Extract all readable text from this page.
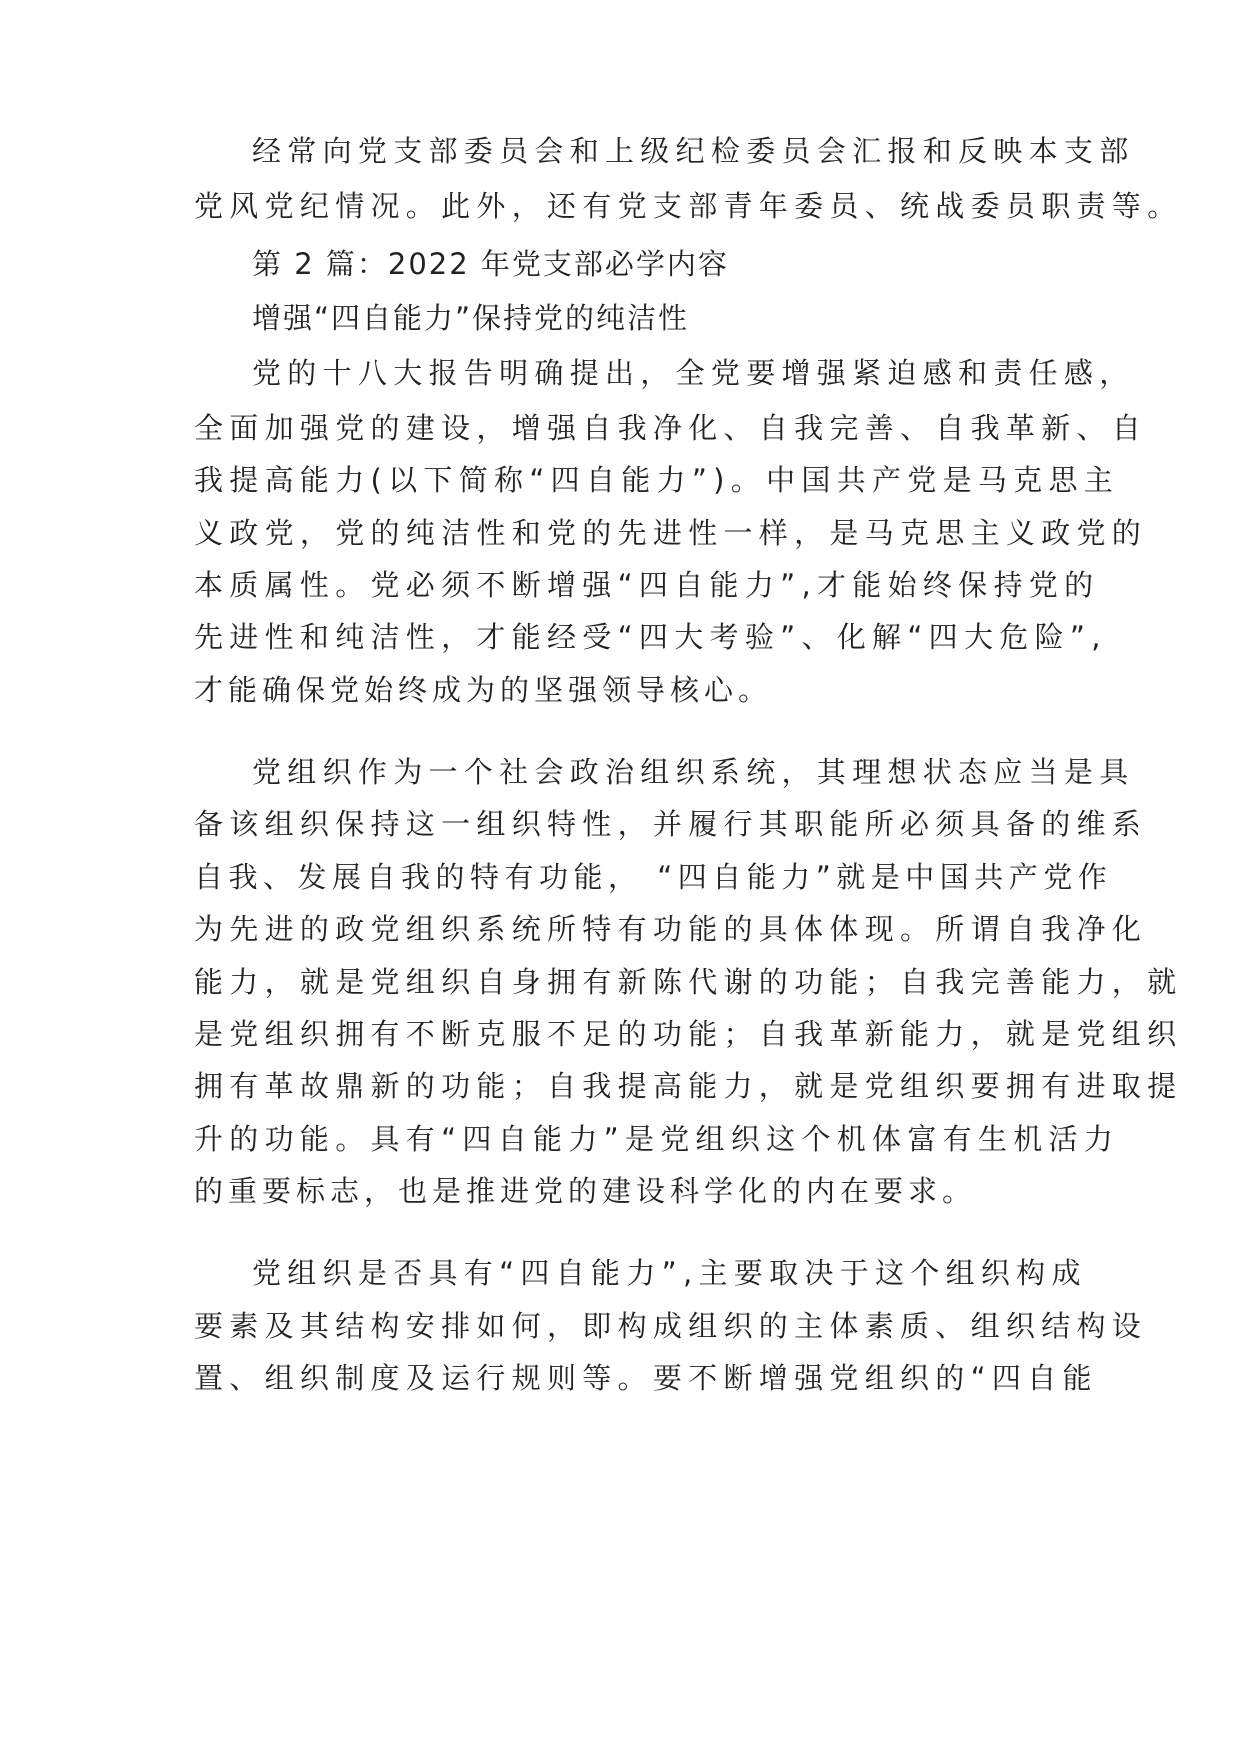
经常向党支部委员会和上级纪检委员会汇报和反映本支部
党风党纪情况。此外，还有党支部青年委员、统战委员职责等。
第 2 篇：2022 年党支部必学内容
增强“四自能力”保持党的纯洁性
党的十八大报告明确提出，全党要增强紧迫感和责任感，
全面加强党的建设，增强自我净化、自我完善、自我革新、自
我提高能力(以下简称“四自能力”)。中国共产党是马克思主
义政党，党的纯洁性和党的先进性一样，是马克思主义政党的
本质属性。党必须不断增强“四自能力”,才能始终保持党的
先进性和纯洁性，才能经受“四大考验”、化解“四大危险”,
才能确保党始终成为的坚强领导核心。
党组织作为一个社会政治组织系统，其理想状态应当是具
备该组织保持这一组织特性，并履行其职能所必须具备的维系
自我、发展自我的特有功能， “四自能力”就是中国共产党作
为先进的政党组织系统所特有功能的具体体现。所谓自我净化
能力，就是党组织自身拥有新陈代谢的功能；自我完善能力，就
是党组织拥有不断克服不足的功能；自我革新能力，就是党组织
拥有革故鼎新的功能；自我提高能力，就是党组织要拥有进取提
升的功能。具有“四自能力”是党组织这个机体富有生机活力
的重要标志，也是推进党的建设科学化的内在要求。
党组织是否具有“四自能力”,主要取决于这个组织构成
要素及其结构安排如何，即构成组织的主体素质、组织结构设
置、组织制度及运行规则等。要不断增强党组织的“四自能
